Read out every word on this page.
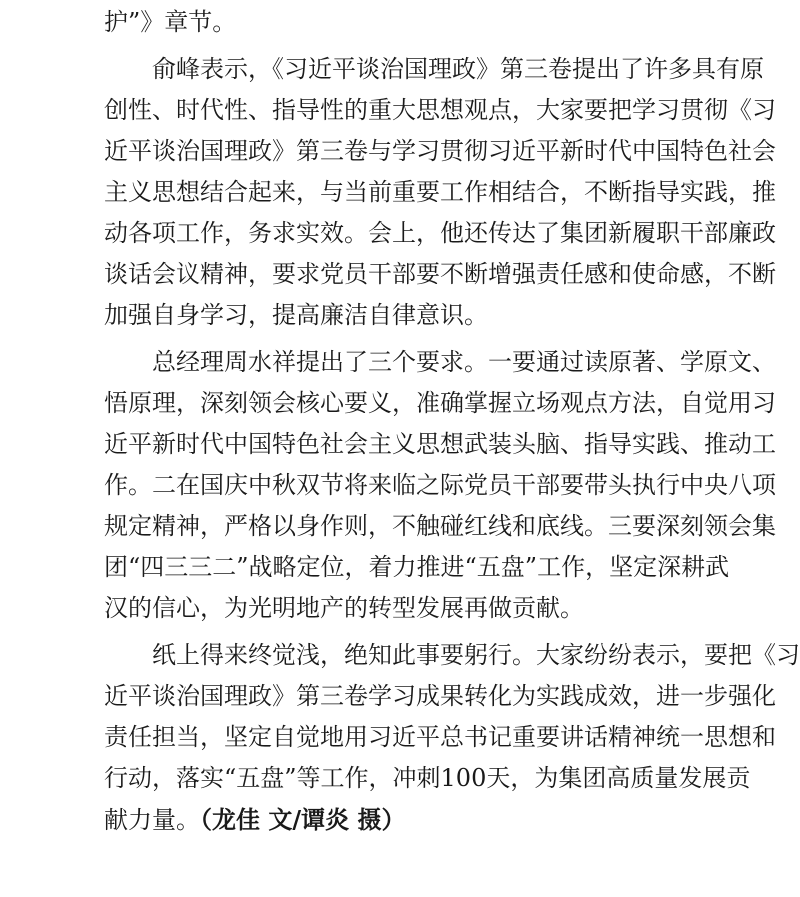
护”》章节。
俞峰表示，《习近平谈治国理政》第三卷提出了许多具有原
创性、时代性、指导性的重大思想观点，大家要把学习贯彻《习
近平谈治国理政》第三卷与学习贯彻习近平新时代中国特色社会
主义思想结合起来，与当前重要工作相结合，不断指导实践，推
动各项工作，务求实效。会上，他还传达了集团新履职干部廉政
谈话会议精神，要求党员干部要不断增强责任感和使命感，不断
加强自身学习，提高廉洁自律意识。
总经理周水祥提出了三个要求。一要通过读原著、学原文、
悟原理，深刻领会核心要义，准确掌握立场观点方法，自觉用习
近平新时代中国特色社会主义思想武装头脑、指导实践、推动工
作。二在国庆中秋双节将来临之际党员干部要带头执行中央八项
规定精神，严格以身作则，不触碰红线和底线。三要深刻领会集
团“四三三二”战略定位，着力推进“五盘”工作，坚定深耕武
汉的信心，为光明地产的转型发展再做贡献。
纸上得来终觉浅，绝知此事要躬行。大家纷纷表示，要把《习
近平谈治国理政》第三卷学习成果转化为实践成效，进一步强化
责任担当，坚定自觉地用习近平总书记重要讲话精神统一思想和
行动，落实“五盘”等工作，冲刺100天，为集团高质量发展贡
献力量。（龙佳 文/谭炎 摄）
